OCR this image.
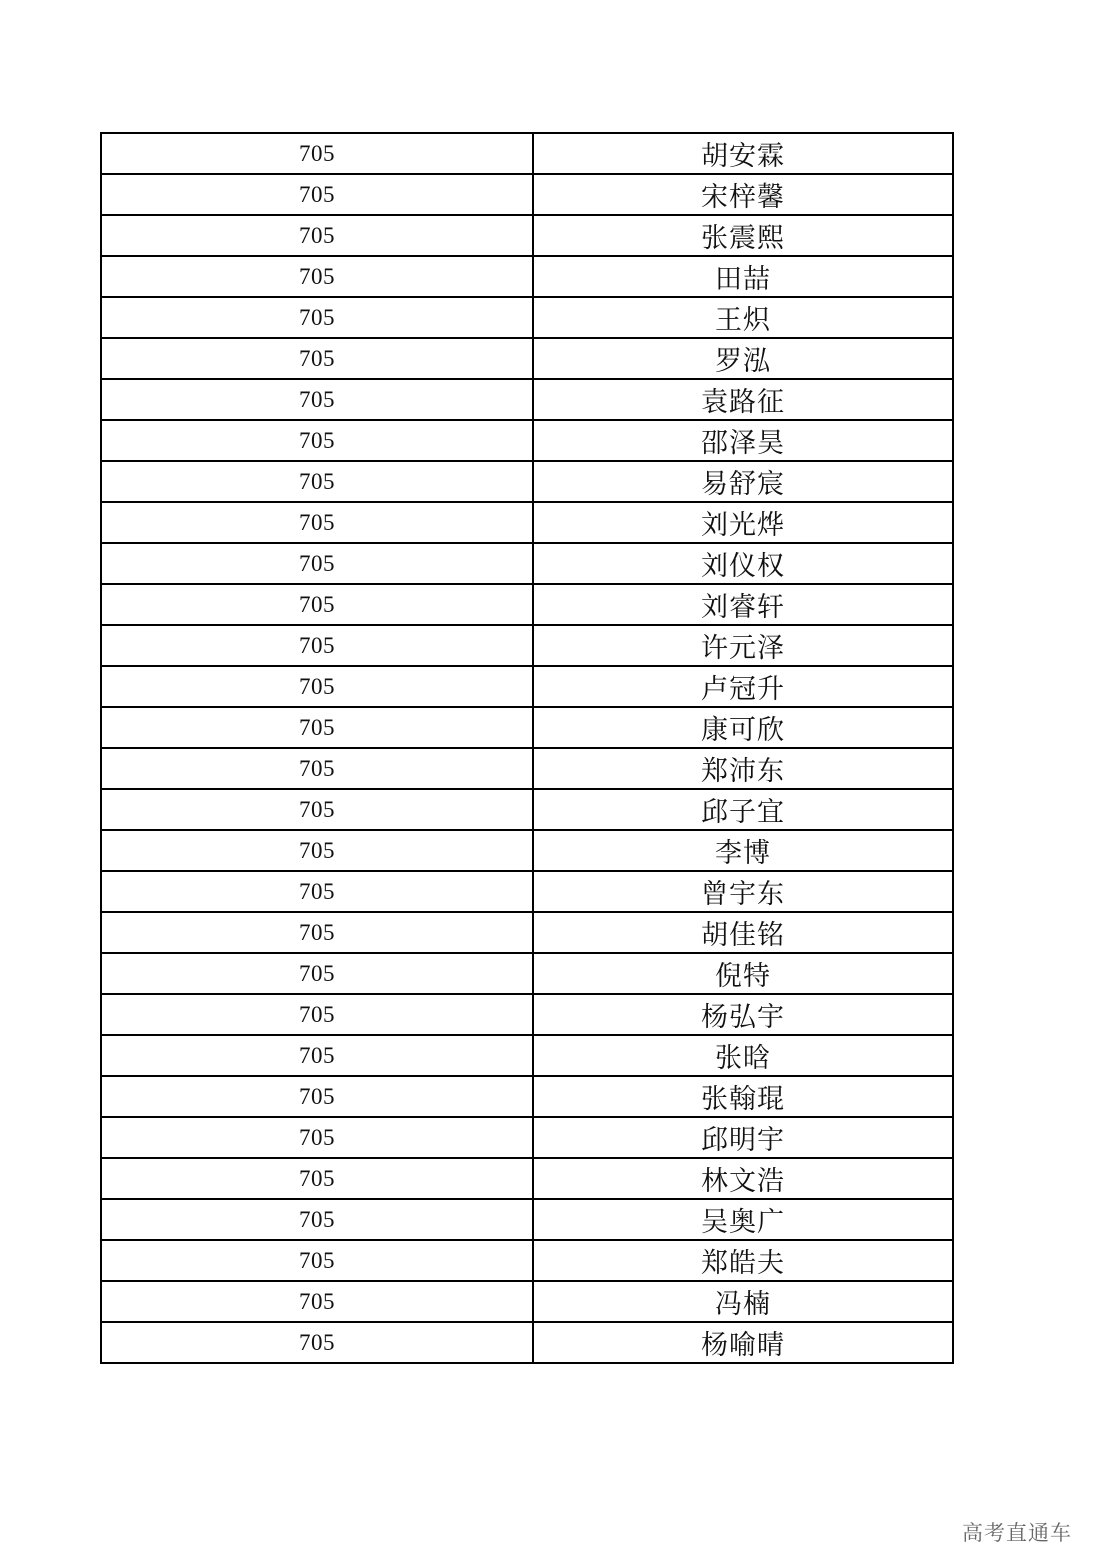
705	胡安霖
705	宋梓馨
705	张震熙
705	田喆
705	王炽
705	罗泓
705	袁路征
705	邵泽昊
705	易舒宸
705	刘光烨
705	刘仪权
705	刘睿轩
705	许元泽
705	卢冠升
705	康可欣
705	郑沛东
705	邱子宜
705	李博
705	曾宇东
705	胡佳铭
705	倪特
705	杨弘宇
705	张晗
705	张翰琨
705	邱明宇
705	林文浩
705	吴奥广
705	郑皓夫
705	冯楠
705	杨喻晴
高考直通车
